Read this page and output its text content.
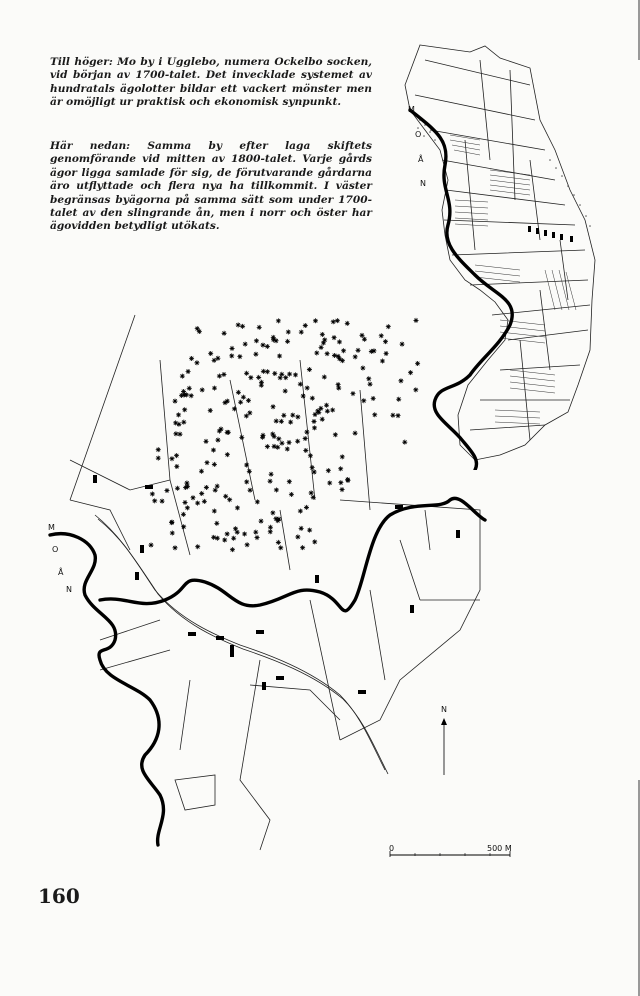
Till höger: Mo by i Ugglebo, numera Ockelbo socken, vid början av 1700-talet. Det invecklade systemet av hundratals ägolotter bildar ett vackert mönster men är omöjligt ur praktisk och ekonomisk synpunkt.

Här nedan: Samma by efter laga skiftets genomförande vid mitten av 1800-talet. Varje gårds ägor ligga samlade för sig, de förutvarande gårdarna äro utflyttade och flera nya ha tillkommit. I väster begränsas byägorna på samma sätt som under 1700-talet av den slingrande ån, men i norr och öster har ägovidden betydligt utökats.

M
O
Å
N
M
O
Å
N
N
0	500 M
160
